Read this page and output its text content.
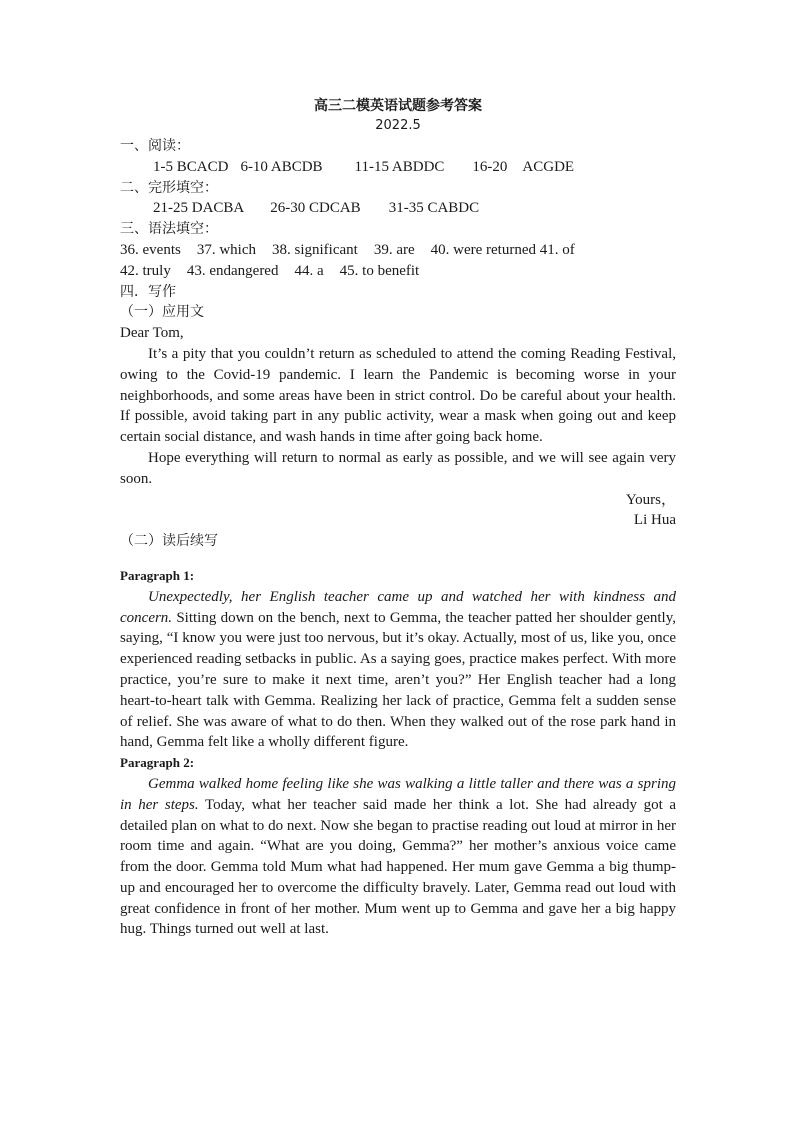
高三二模英语试题参考答案
2022.5
一、阅读：
1-5 BCACD 6-10 ABCDB 11-15 ABDDC 16-20　ACGDE
二、完形填空：
21-25 DACBA 26-30 CDCAB 31-35 CABDC
三、语法填空：
36. events 37. which 38. significant 39. are 40. were returned 41. of
42. truly 43. endangered 44. a 45. to benefit
四．写作
（一）应用文
Dear Tom,

It’s a pity that you couldn’t return as scheduled to attend the coming Reading Festival, owing to the Covid-19 pandemic. I learn the Pandemic is becoming worse in your neighborhoods, and some areas have been in strict control. Do be careful about your health. If possible, avoid taking part in any public activity, wear a mask when going out and keep certain social distance, and wash hands in time after going back home.

Hope everything will return to normal as early as possible, and we will see again very soon.

Yours，
Li Hua
（二）读后续写
Paragraph 1:

Unexpectedly, her English teacher came up and watched her with kindness and concern. Sitting down on the bench, next to Gemma, the teacher patted her shoulder gently, saying, “I know you were just too nervous, but it’s okay. Actually, most of us, like you, once experienced reading setbacks in public. As a saying goes, practice makes perfect. With more practice, you’re sure to make it next time, aren’t you?” Her English teacher had a long heart-to-heart talk with Gemma. Realizing her lack of practice, Gemma felt a sudden sense of relief. She was aware of what to do then. When they walked out of the rose park hand in hand, Gemma felt like a wholly different figure.

Paragraph 2:

Gemma walked home feeling like she was walking a little taller and there was a spring in her steps. Today, what her teacher said made her think a lot. She had already got a detailed plan on what to do next. Now she began to practise reading out loud at mirror in her room time and again. “What are you doing, Gemma?” her mother’s anxious voice came from the door. Gemma told Mum what had happened. Her mum gave Gemma a big thump-up and encouraged her to overcome the difficulty bravely. Later, Gemma read out loud with great confidence in front of her mother. Mum went up to Gemma and gave her a big happy hug. Things turned out well at last.
